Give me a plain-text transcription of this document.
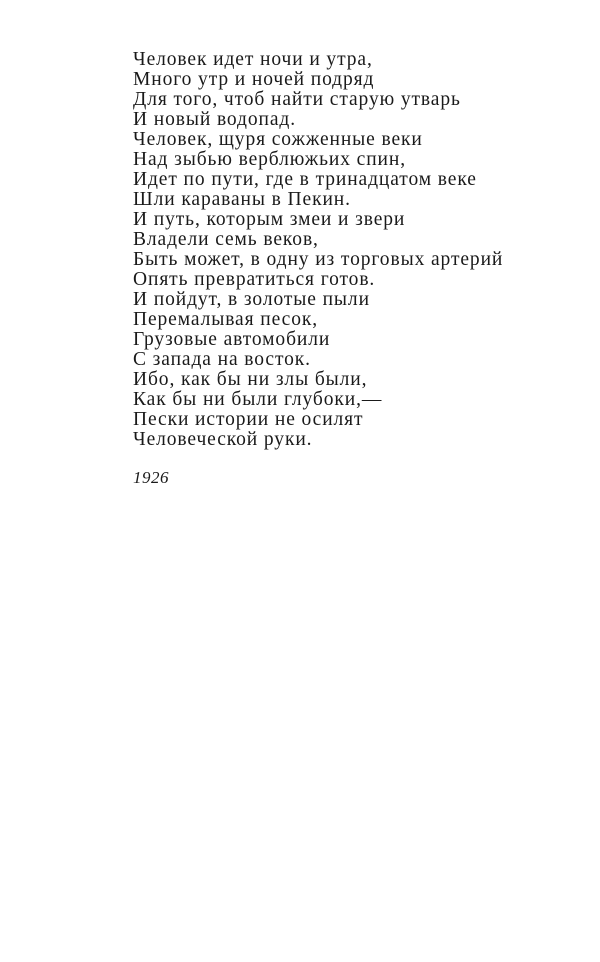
Человек идет ночи и утра,
Много утр и ночей подряд
Для того, чтоб найти старую утварь
И новый водопад.
Человек, щуря сожженные веки
Над зыбью верблюжьих спин,
Идет по пути, где в тринадцатом веке
Шли караваны в Пекин.
И путь, которым змеи и звери
Владели семь веков,
Быть может, в одну из торговых артерий
Опять превратиться готов.
И пойдут, в золотые пыли
Перемалывая песок,
Грузовые автомобили
С запада на восток.
Ибо, как бы ни злы были,
Как бы ни были глубоки,—
Пески истории не осилят
Человеческой руки.
1926
